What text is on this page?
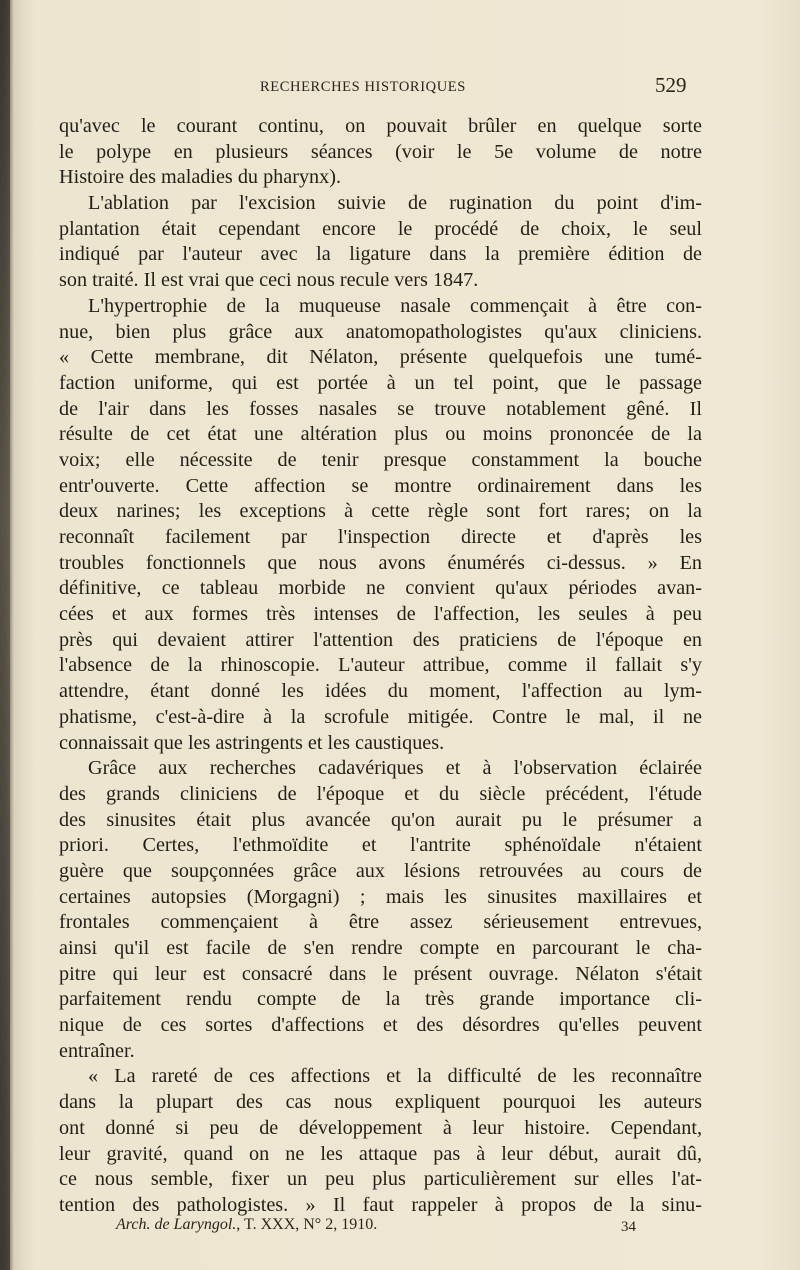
RECHERCHES HISTORIQUES	529
qu'avec le courant continu, on pouvait brûler en quelque sorte
le polype en plusieurs séances (voir le 5e volume de notre
Histoire des maladies du pharynx).
L'ablation par l'excision suivie de rugination du point d'im-
plantation était cependant encore le procédé de choix, le seul
indiqué par l'auteur avec la ligature dans la première édition de
son traité. Il est vrai que ceci nous recule vers 1847.
L'hypertrophie de la muqueuse nasale commençait à être con-
nue, bien plus grâce aux anatomopathologistes qu'aux cliniciens.
« Cette membrane, dit Nélaton, présente quelquefois une tumé-
faction uniforme, qui est portée à un tel point, que le passage
de l'air dans les fosses nasales se trouve notablement gêné. Il
résulte de cet état une altération plus ou moins prononcée de la
voix; elle nécessite de tenir presque constamment la bouche
entr'ouverte. Cette affection se montre ordinairement dans les
deux narines; les exceptions à cette règle sont fort rares; on la
reconnaît facilement par l'inspection directe et d'après les
troubles fonctionnels que nous avons énumérés ci-dessus. » En
définitive, ce tableau morbide ne convient qu'aux périodes avan-
cées et aux formes très intenses de l'affection, les seules à peu
près qui devaient attirer l'attention des praticiens de l'époque en
l'absence de la rhinoscopie. L'auteur attribue, comme il fallait s'y
attendre, étant donné les idées du moment, l'affection au lym-
phatisme, c'est-à-dire à la scrofule mitigée. Contre le mal, il ne
connaissait que les astringents et les caustiques.
Grâce aux recherches cadavériques et à l'observation éclairée
des grands cliniciens de l'époque et du siècle précédent, l'étude
des sinusites était plus avancée qu'on aurait pu le présumer a
priori. Certes, l'ethmoïdite et l'antrite sphénoïdale n'étaient
guère que soupçonnées grâce aux lésions retrouvées au cours de
certaines autopsies (Morgagni) ; mais les sinusites maxillaires et
frontales commençaient à être assez sérieusement entrevues,
ainsi qu'il est facile de s'en rendre compte en parcourant le cha-
pitre qui leur est consacré dans le présent ouvrage. Nélaton s'était
parfaitement rendu compte de la très grande importance cli-
nique de ces sortes d'affections et des désordres qu'elles peuvent
entraîner.
« La rareté de ces affections et la difficulté de les reconnaître
dans la plupart des cas nous expliquent pourquoi les auteurs
ont donné si peu de développement à leur histoire. Cependant,
leur gravité, quand on ne les attaque pas à leur début, aurait dû,
ce nous semble, fixer un peu plus particulièrement sur elles l'at-
tention des pathologistes. » Il faut rappeler à propos de la sinu-
Arch. de Laryngol., T. XXX, N° 2, 1910.	34
